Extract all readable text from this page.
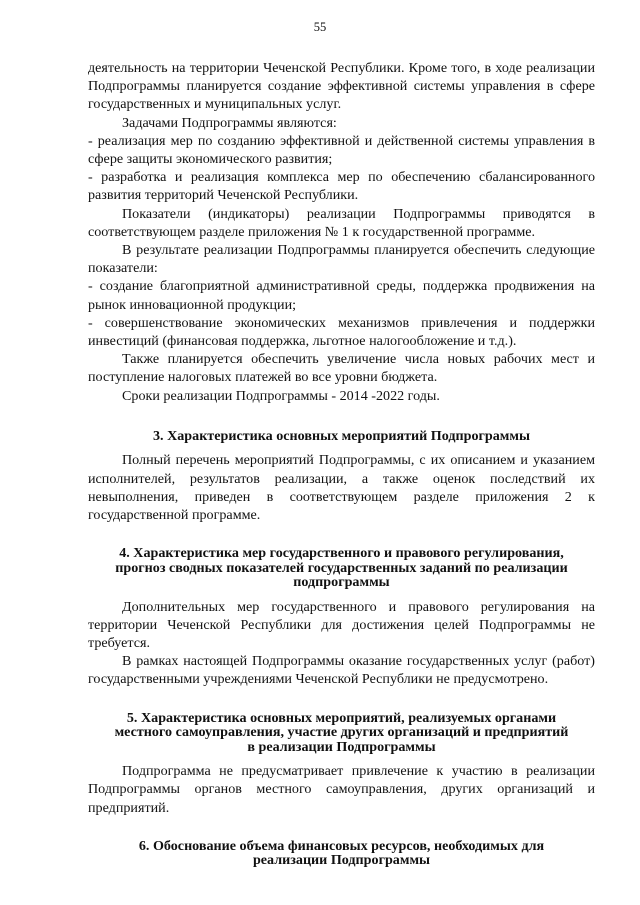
55

деятельность на территории Чеченской Республики. Кроме того, в ходе реализации Подпрограммы планируется создание эффективной системы управления в сфере государственных и муниципальных услуг.

Задачами Подпрограммы являются:

- реализация мер по созданию эффективной и действенной системы управления в сфере защиты экономического развития;

- разработка и реализация комплекса мер по обеспечению сбалансированного развития территорий Чеченской Республики.

Показатели (индикаторы) реализации Подпрограммы приводятся в соответствующем разделе приложения № 1 к государственной программе.

В результате реализации Подпрограммы планируется обеспечить следующие показатели:

- создание благоприятной административной среды, поддержка продвижения на рынок инновационной продукции;

- совершенствование экономических механизмов привлечения и поддержки инвестиций (финансовая поддержка, льготное налогообложение и т.д.).

Также планируется обеспечить увеличение числа новых рабочих мест и поступление налоговых платежей во все уровни бюджета.

Сроки реализации Подпрограммы - 2014 -2022 годы.

3. Характеристика основных мероприятий Подпрограммы

Полный перечень мероприятий Подпрограммы, с их описанием и указанием исполнителей, результатов реализации, а также оценок последствий их невыполнения, приведен в соответствующем разделе приложения 2 к государственной программе.

4. Характеристика мер государственного и правового регулирования,
прогноз сводных показателей государственных заданий по реализации
подпрограммы

Дополнительных мер государственного и правового регулирования на территории Чеченской Республики для достижения целей Подпрограммы не требуется.

В рамках настоящей Подпрограммы оказание государственных услуг (работ) государственными учреждениями Чеченской Республики не предусмотрено.

5. Характеристика основных мероприятий, реализуемых органами
местного самоуправления, участие других организаций и предприятий
в реализации Подпрограммы

Подпрограмма не предусматривает привлечение к участию в реализации Подпрограммы органов местного самоуправления, других организаций и предприятий.

6. Обоснование объема финансовых ресурсов, необходимых для
реализации Подпрограммы
